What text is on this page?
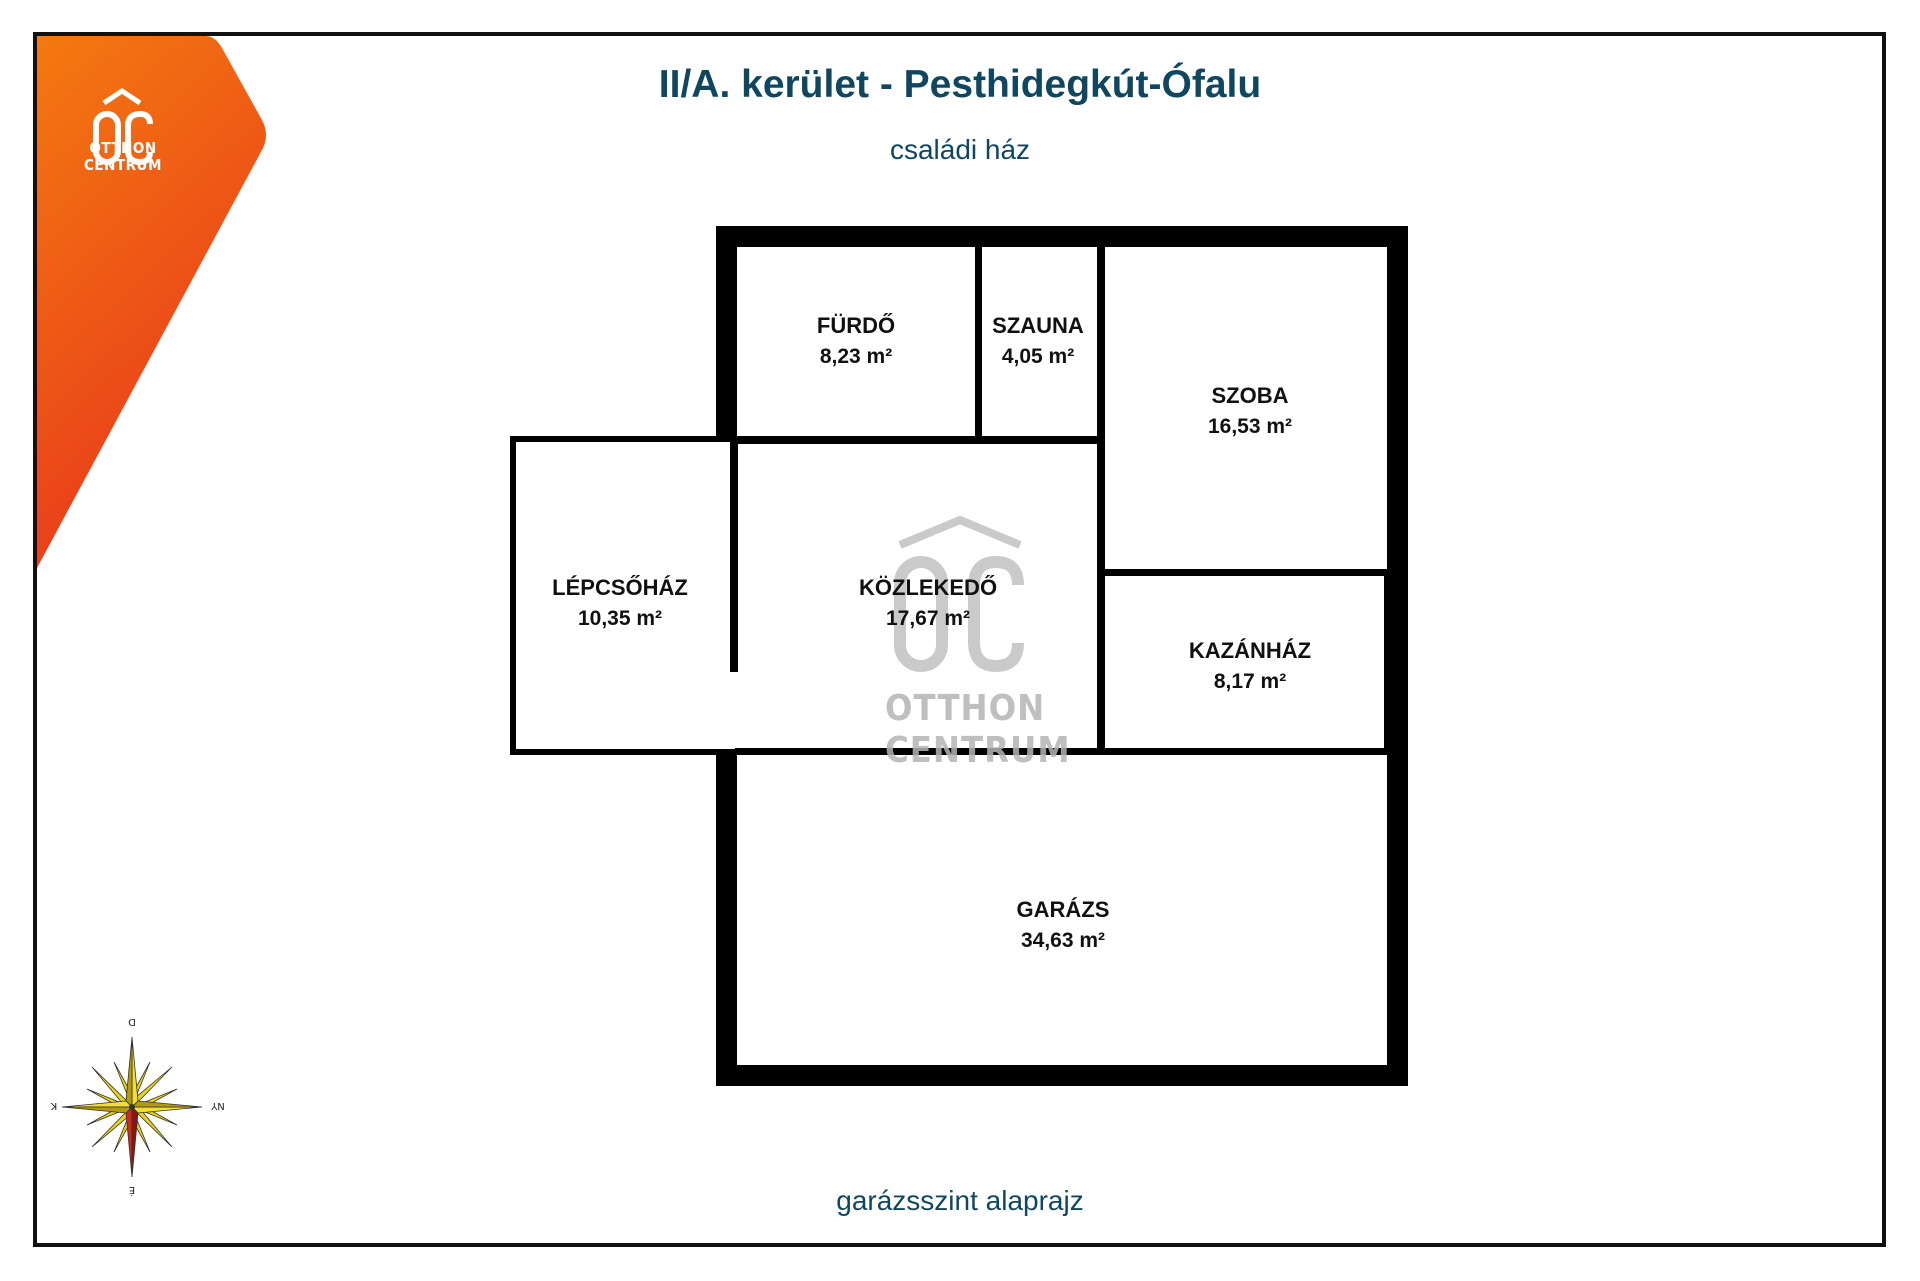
OTTHON
CENTRUM
II/A. kerület - Pesthidegkút-Ófalu

családi ház

FÜRDŐ
8,23 m²
SZAUNA
4,05 m²
SZOBA
16,53 m²
LÉPCSŐHÁZ
10,35 m²
KÖZLEKEDŐ
17,67 m²
KAZÁNHÁZ
8,17 m²
GARÁZS
34,63 m²
OTTHON
CENTRUM
D
É
NY
K

garázsszint alaprajz
